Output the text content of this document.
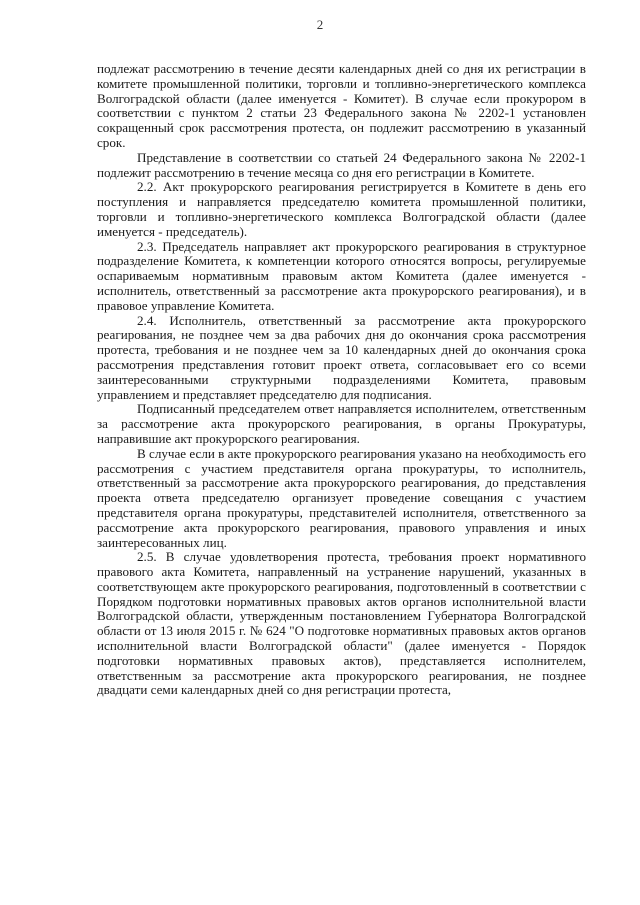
2

подлежат рассмотрению в течение десяти календарных дней со дня их регистрации в комитете промышленной политики, торговли и топливно-энергетического комплекса Волгоградской области (далее именуется - Комитет). В случае если прокурором в соответствии с пунктом 2 статьи 23 Федерального закона № 2202-1 установлен сокращенный срок рассмотрения протеста, он подлежит рассмотрению в указанный срок.

Представление в соответствии со статьей 24 Федерального закона № 2202-1 подлежит рассмотрению в течение месяца со дня его регистрации в Комитете.

2.2. Акт прокурорского реагирования регистрируется в Комитете в день его поступления и направляется председателю комитета промышленной политики, торговли и топливно-энергетического комплекса Волгоградской области (далее именуется - председатель).

2.3. Председатель направляет акт прокурорского реагирования в структурное подразделение Комитета, к компетенции которого относятся вопросы, регулируемые оспариваемым нормативным правовым актом Комитета (далее именуется - исполнитель, ответственный за рассмотрение акта прокурорского реагирования), и в правовое управление Комитета.

2.4. Исполнитель, ответственный за рассмотрение акта прокурорского реагирования, не позднее чем за два рабочих дня до окончания срока рассмотрения протеста, требования и не позднее чем за 10 календарных дней до окончания срока рассмотрения представления готовит проект ответа, согласовывает его со всеми заинтересованными структурными подразделениями Комитета, правовым управлением и представляет председателю для подписания.

Подписанный председателем ответ направляется исполнителем, ответственным за рассмотрение акта прокурорского реагирования, в органы Прокуратуры, направившие акт прокурорского реагирования.

В случае если в акте прокурорского реагирования указано на необходимость его рассмотрения с участием представителя органа прокуратуры, то исполнитель, ответственный за рассмотрение акта прокурорского реагирования, до представления проекта ответа председателю организует проведение совещания с участием представителя органа прокуратуры, представителей исполнителя, ответственного за рассмотрение акта прокурорского реагирования, правового управления и иных заинтересованных лиц.

2.5. В случае удовлетворения протеста, требования проект нормативного правового акта Комитета, направленный на устранение нарушений, указанных в соответствующем акте прокурорского реагирования, подготовленный в соответствии с Порядком подготовки нормативных правовых актов органов исполнительной власти Волгоградской области, утвержденным постановлением Губернатора Волгоградской области от 13 июля 2015 г. № 624 "О подготовке нормативных правовых актов органов исполнительной власти Волгоградской области" (далее именуется - Порядок подготовки нормативных правовых актов), представляется исполнителем, ответственным за рассмотрение акта прокурорского реагирования, не позднее двадцати семи календарных дней со дня регистрации протеста,
